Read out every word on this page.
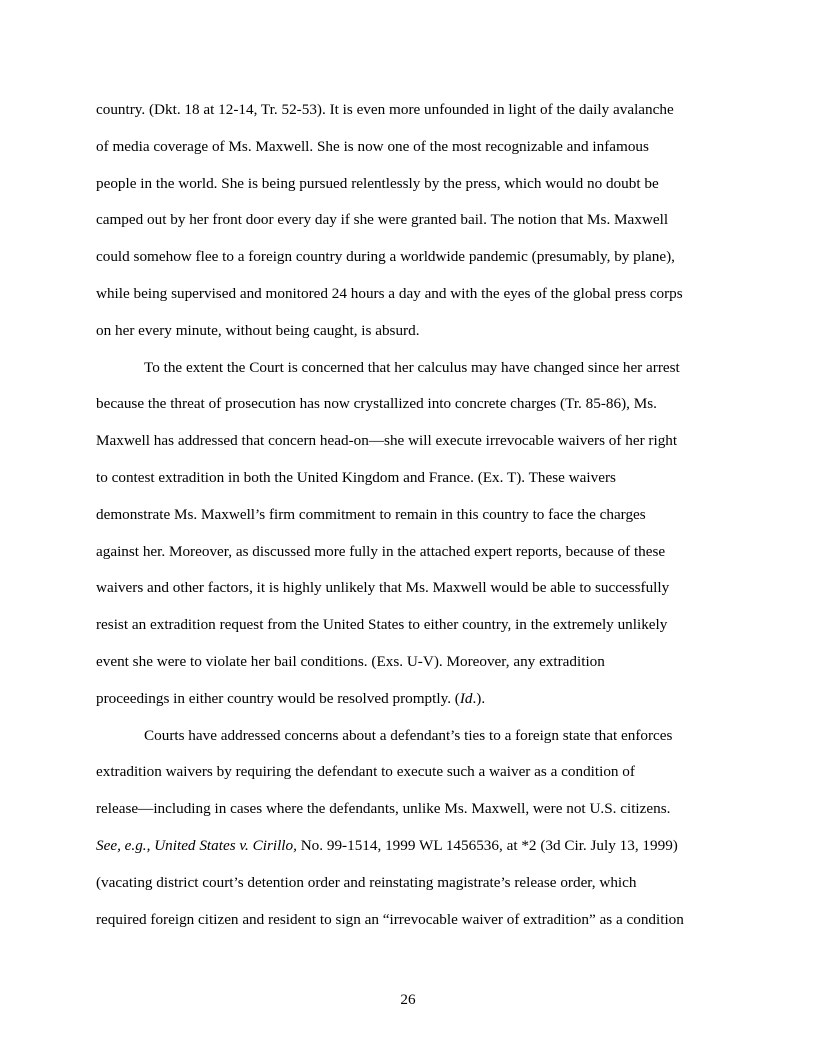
country. (Dkt. 18 at 12-14, Tr. 52-53). It is even more unfounded in light of the daily avalanche
of media coverage of Ms. Maxwell. She is now one of the most recognizable and infamous
people in the world. She is being pursued relentlessly by the press, which would no doubt be
camped out by her front door every day if she were granted bail. The notion that Ms. Maxwell
could somehow flee to a foreign country during a worldwide pandemic (presumably, by plane),
while being supervised and monitored 24 hours a day and with the eyes of the global press corps
on her every minute, without being caught, is absurd.
To the extent the Court is concerned that her calculus may have changed since her arrest
because the threat of prosecution has now crystallized into concrete charges (Tr. 85-86), Ms.
Maxwell has addressed that concern head-on—she will execute irrevocable waivers of her right
to contest extradition in both the United Kingdom and France. (Ex. T). These waivers
demonstrate Ms. Maxwell’s firm commitment to remain in this country to face the charges
against her. Moreover, as discussed more fully in the attached expert reports, because of these
waivers and other factors, it is highly unlikely that Ms. Maxwell would be able to successfully
resist an extradition request from the United States to either country, in the extremely unlikely
event she were to violate her bail conditions. (Exs. U-V). Moreover, any extradition
proceedings in either country would be resolved promptly. (Id.).
Courts have addressed concerns about a defendant’s ties to a foreign state that enforces
extradition waivers by requiring the defendant to execute such a waiver as a condition of
release—including in cases where the defendants, unlike Ms. Maxwell, were not U.S. citizens.
See, e.g., United States v. Cirillo, No. 99-1514, 1999 WL 1456536, at *2 (3d Cir. July 13, 1999)
(vacating district court’s detention order and reinstating magistrate’s release order, which
required foreign citizen and resident to sign an “irrevocable waiver of extradition” as a condition
26
